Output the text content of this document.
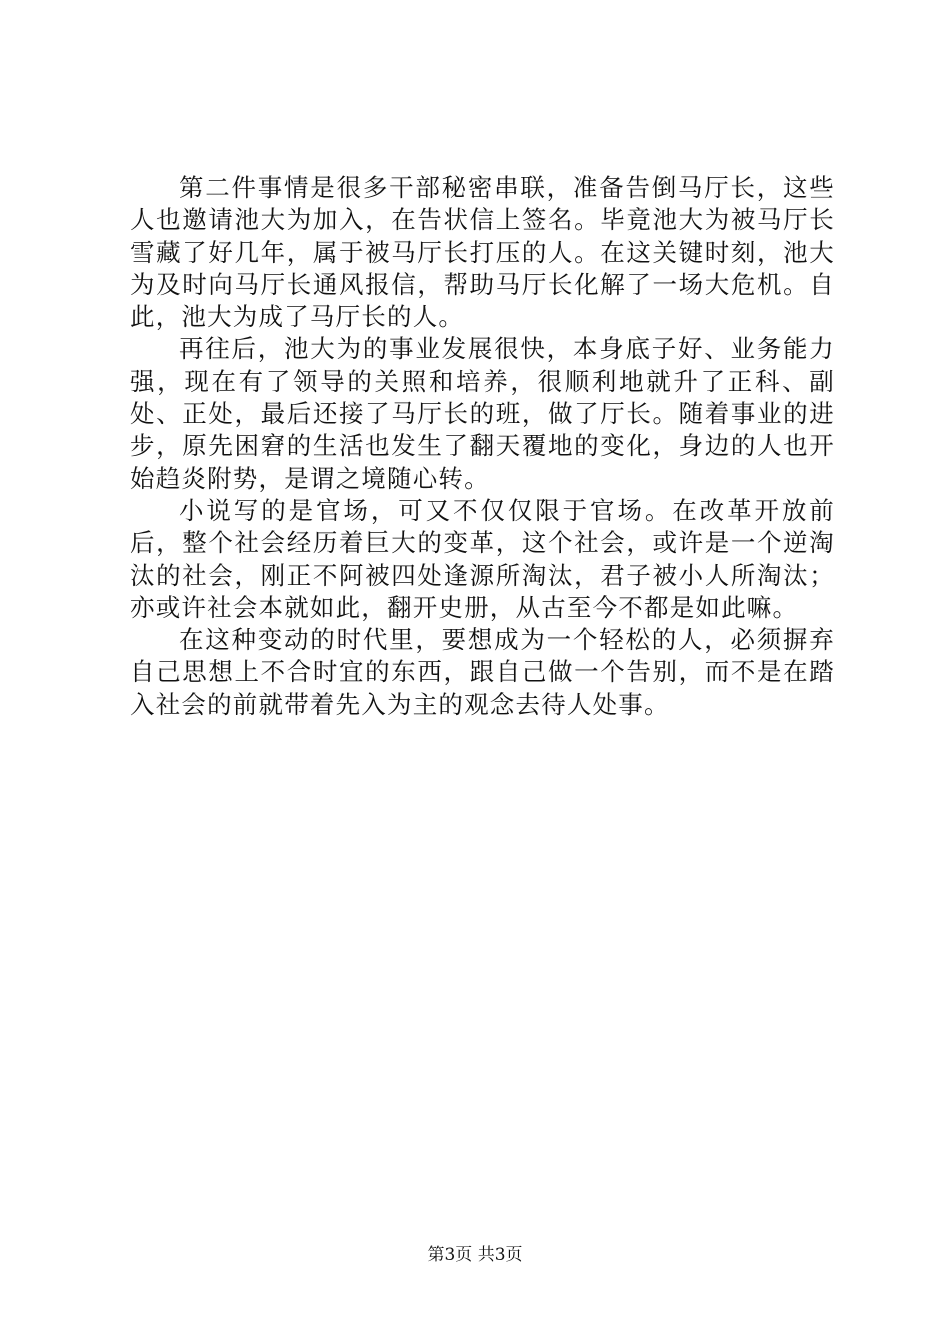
第二件事情是很多干部秘密串联，准备告倒马厅长，这些人也邀请池大为加入，在告状信上签名。毕竟池大为被马厅长雪藏了好几年，属于被马厅长打压的人。在这关键时刻，池大为及时向马厅长通风报信，帮助马厅长化解了一场大危机。自此，池大为成了马厅长的人。

再往后，池大为的事业发展很快，本身底子好、业务能力强，现在有了领导的关照和培养，很顺利地就升了正科、副处、正处，最后还接了马厅长的班，做了厅长。随着事业的进步，原先困窘的生活也发生了翻天覆地的变化，身边的人也开始趋炎附势，是谓之境随心转。

小说写的是官场，可又不仅仅限于官场。在改革开放前后，整个社会经历着巨大的变革，这个社会，或许是一个逆淘汰的社会，刚正不阿被四处逢源所淘汰，君子被小人所淘汰；亦或许社会本就如此，翻开史册，从古至今不都是如此嘛。

在这种变动的时代里，要想成为一个轻松的人，必须摒弃自己思想上不合时宜的东西，跟自己做一个告别，而不是在踏入社会的前就带着先入为主的观念去待人处事。

第3页 共3页
